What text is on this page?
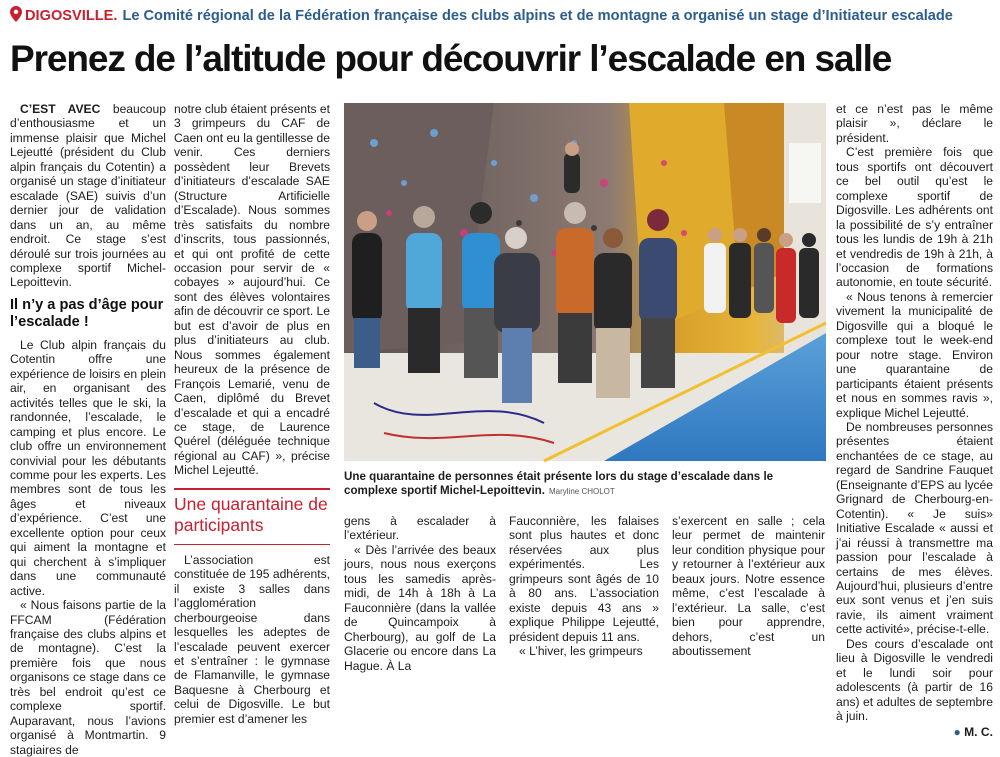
DIGOSVILLE. Le Comité régional de la Fédération française des clubs alpins et de montagne a organisé un stage d’Initiateur escalade
Prenez de l’altitude pour découvrir l’escalade en salle

C’EST AVEC beaucoup d’enthousiasme et un immense plaisir que Michel Lejeutté (président du Club alpin français du Cotentin) a organisé un stage d’initiateur escalade (SAE) suivis d’un dernier jour de validation dans un an, au même endroit. Ce stage s’est déroulé sur trois journées au complexe sportif Michel-Lepoittevin.

Il n’y a pas d’âge pour l’escalade !

Le Club alpin français du Cotentin offre une expérience de loisirs en plein air, en organisant des activités telles que le ski, la randonnée, l’escalade, le camping et plus encore. Le club offre un environnement convivial pour les débutants comme pour les experts. Les membres sont de tous les âges et niveaux d’expérience. C’est une excellente option pour ceux qui aiment la montagne et qui cherchent à s’impliquer dans une communauté active.

« Nous faisons partie de la FFCAM (Fédération française des clubs alpins et de montagne). C’est la première fois que nous organisons ce stage dans ce très bel endroit qu’est ce complexe sportif. Auparavant, nous l’avions organisé à Montmartin. 9 stagiaires de

notre club étaient présents et 3 grimpeurs du CAF de Caen ont eu la gentillesse de venir. Ces derniers possèdent leur Brevets d’initiateurs d’escalade SAE (Structure Artificielle d’Escalade). Nous sommes très satisfaits du nombre d’inscrits, tous passionnés, et qui ont profité de cette occasion pour servir de « cobayes » aujourd’hui. Ce sont des élèves volontaires afin de découvrir ce sport. Le but est d’avoir de plus en plus d’initiateurs au club. Nous sommes également heureux de la présence de François Lemarié, venu de Caen, diplômé du Brevet d’escalade et qui a encadré ce stage, de Laurence Quérel (déléguée technique régional au CAF) », précise Michel Lejeutté.

Une quarantaine de participants

L’association est constituée de 195 adhérents, il existe 3 salles dans l’agglomération cherbourgeoise dans lesquelles les adeptes de l’escalade peuvent exercer et s’entraîner : le gymnase de Flamanville, le gymnase Baquesne à Cherbourg et celui de Digosville. Le but premier est d’amener les

Une quarantaine de personnes était présente lors du stage d’escalade dans le complexe sportif Michel-Lepoittevin. Maryline CHOLOT

gens à escalader à l’extérieur.

« Dès l’arrivée des beaux jours, nous nous exerçons tous les samedis après-midi, de 14h à 18h à La Fauconnière (dans la vallée de Quincampoix à Cherbourg), au golf de La Glacerie ou encore dans La Hague. À La

Fauconnière, les falaises sont plus hautes et donc réservées aux plus expérimentés. Les grimpeurs sont âgés de 10 à 80 ans. L’association existe depuis 43 ans » explique Philippe Lejeutté, président depuis 11 ans.

« L’hiver, les grimpeurs

s’exercent en salle ; cela leur permet de maintenir leur condition physique pour y retourner à l’extérieur aux beaux jours. Notre essence même, c’est l’escalade à l’extérieur. La salle, c’est bien pour apprendre, dehors, c’est un aboutissement

et ce n’est pas le même plaisir », déclare le président.

C’est première fois que tous sportifs ont découvert ce bel outil qu’est le complexe sportif de Digosville. Les adhérents ont la possibilité de s’y entraîner tous les lundis de 19h à 21h et vendredis de 19h à 21h, à l’occasion de formations autonomie, en toute sécurité.

« Nous tenons à remercier vivement la municipalité de Digosville qui a bloqué le complexe tout le week-end pour notre stage. Environ une quarantaine de participants étaient présents et nous en sommes ravis », explique Michel Lejeutté.

De nombreuses personnes présentes étaient enchantées de ce stage, au regard de Sandrine Fauquet (Enseignante d’EPS au lycée Grignard de Cherbourg-en-Cotentin). « Je suis» Initiative Escalade « aussi et j’ai réussi à transmettre ma passion pour l’escalade à certains de mes élèves. Aujourd’hui, plusieurs d’entre eux sont venus et j’en suis ravie, ils aiment vraiment cette activité», précise-t-elle.

Des cours d’escalade ont lieu à Digosville le vendredi et le lundi soir pour adolescents (à partir de 16 ans) et adultes de septembre à juin.

● M. C.
